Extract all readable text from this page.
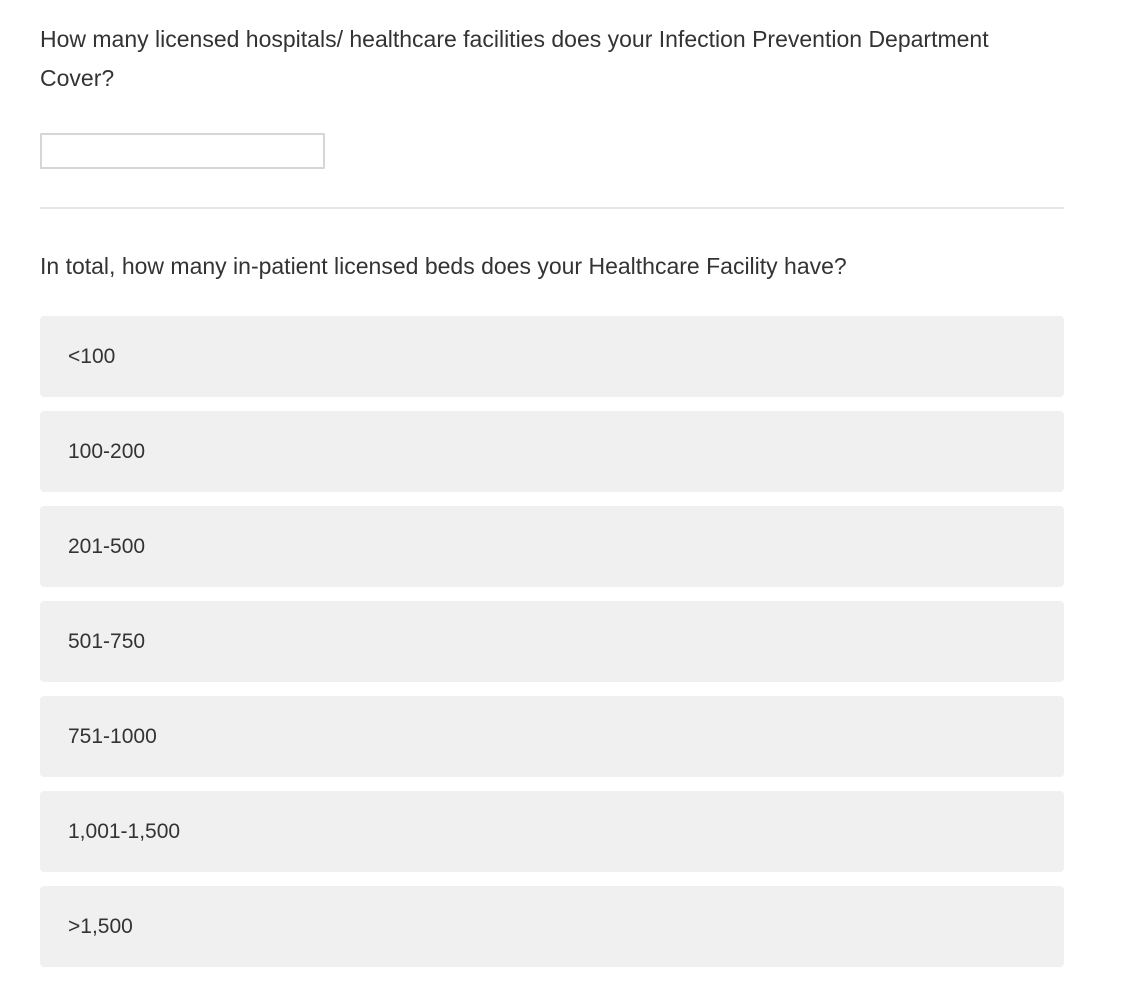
How many licensed hospitals/ healthcare facilities does your Infection Prevention Department Cover?
In total, how many in-patient licensed beds does your Healthcare Facility have?
<100
100-200
201-500
501-750
751-1000
1,001-1,500
>1,500
